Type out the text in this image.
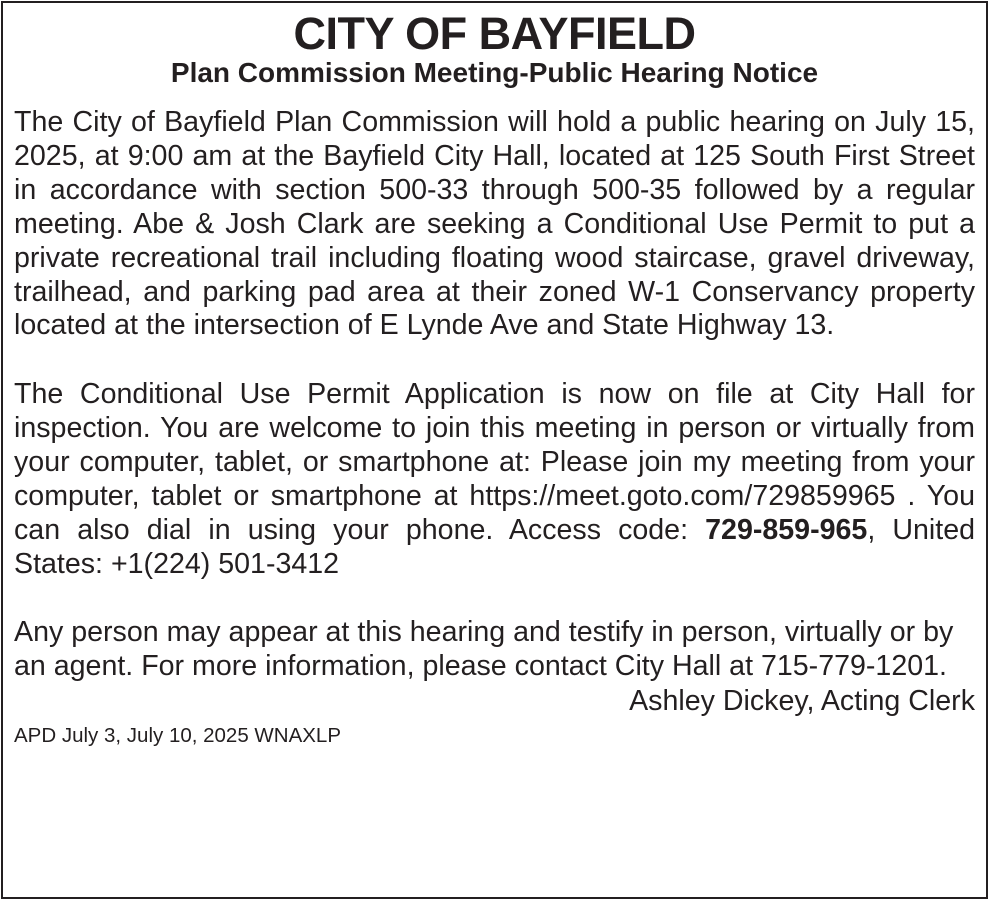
CITY OF BAYFIELD
Plan Commission Meeting-Public Hearing Notice

The City of Bayfield Plan Commission will hold a public hearing on July 15, 2025, at 9:00 am at the Bayfield City Hall, located at 125 South First Street in accordance with section 500-33 through 500-35 followed by a regular meeting. Abe & Josh Clark are seeking a Conditional Use Permit to put a private recreational trail including floating wood staircase, gravel driveway, trailhead, and parking pad area at their zoned W-1 Conservancy property located at the intersection of E Lynde Ave and State Highway 13.

The Conditional Use Permit Application is now on file at City Hall for inspection. You are welcome to join this meeting in person or virtually from your computer, tablet, or smartphone at: Please join my meeting from your computer, tablet or smartphone at https://meet.goto.com/729859965 . You can also dial in using your phone. Access code: 729-859-965, United States: +1(224) 501-3412

Any person may appear at this hearing and testify in person, virtually or by an agent. For more information, please contact City Hall at 715-779-1201.

Ashley Dickey, Acting Clerk

APD July 3, July 10, 2025 WNAXLP
